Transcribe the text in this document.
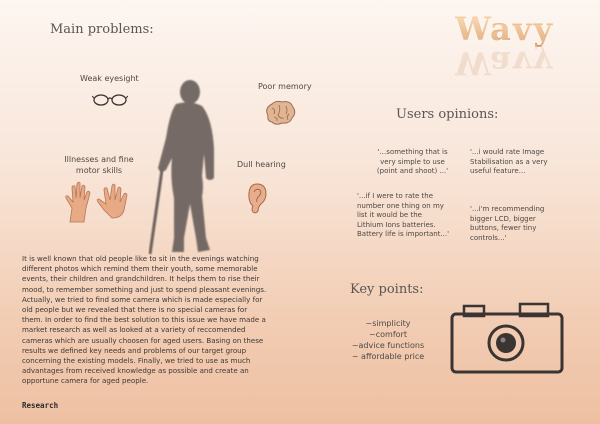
Main problems:
Users opinions:
Key points:
Wavy
Wavy
Weak eyesight
Poor memory
Illnesses and fine
motor skills
Dull hearing
'…something that is
very simple to use
(point and shoot) ...'
'...i would rate Image
Stabilisation as a very
useful feature...
'...if I were to rate the
number one thing on my
list it would be the
Lithium Ions batteries.
Battery life is important...'
'...i'm recommending
bigger LCD, bigger
buttons, fewer tiny
controls...'
~simplicity
~comfort
~advice functions
~ affordable price
It is well known that old people like to sit in the evenings watching
different photos which remind them their youth, some memorable
events, their children and grandchildren. It helps them to rise their
mood, to remember something and just to spend pleasant evenings.
Actually, we tried to find some camera which is made especially for
old people but we revealed that there is no special cameras for
them. In order to find the best solution to this issue we have made a
market research as well as looked at a variety of reccomended
cameras which are usually choosen for aged users. Basing on these
results we defined key needs and problems of our target group
concerning the existing models. Finally, we tried to use as much
advantages from received knowledge as possible and create an
opportune camera for aged people.
Research
